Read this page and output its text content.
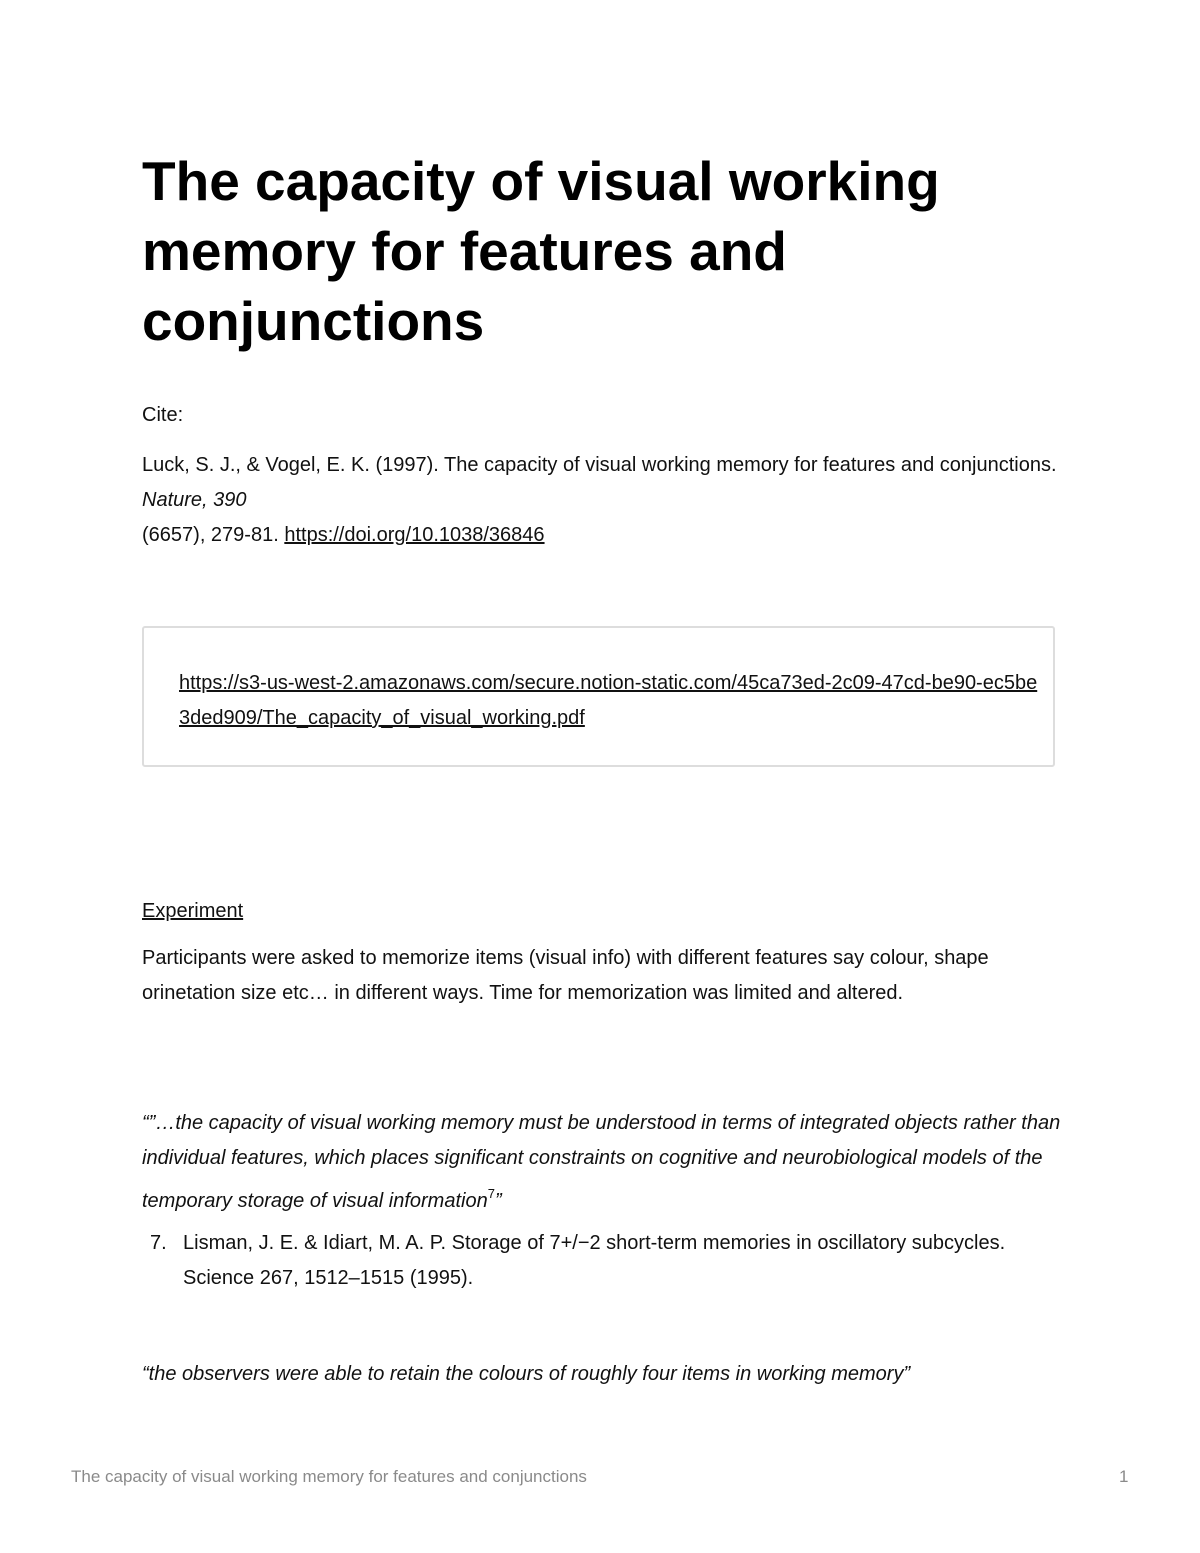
The capacity of visual working memory for features and conjunctions
Cite:
Luck, S. J., & Vogel, E. K. (1997). The capacity of visual working memory for features and conjunctions. Nature, 390
(6657), 279-81. https://doi.org/10.1038/36846
https://s3-us-west-2.amazonaws.com/secure.notion-static.com/45ca73ed-2c09-47cd-be90-ec5be3ded909/The_capacity_of_visual_working.pdf
Experiment
Participants were asked to memorize items (visual info) with different features say colour, shape orinetation size etc… in different ways. Time for memorization was limited and altered.
“”…the capacity of visual working memory must be understood in terms of integrated objects rather than individual features, which places significant constraints on cognitive and neurobiological models of the temporary storage of visual information$^7$”
7. Lisman, J. E. & Idiart, M. A. P. Storage of 7+/−2 short-term memories in oscillatory subcycles. Science 267, 1512–1515 (1995).
“the observers were able to retain the colours of roughly four items in working memory”
The capacity of visual working memory for features and conjunctions	1
